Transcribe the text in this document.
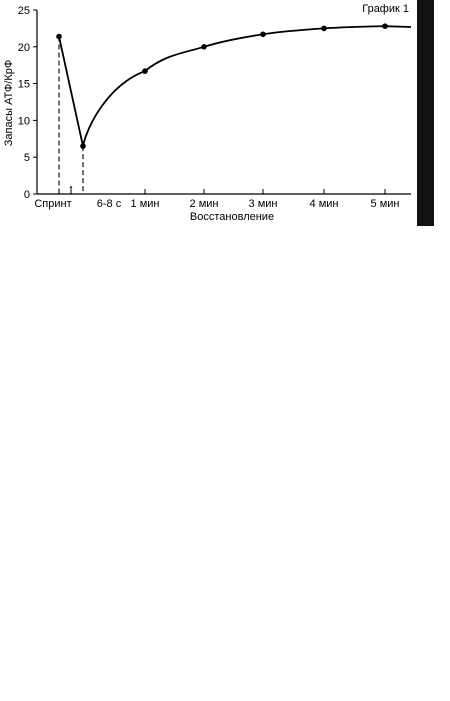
0
5
10
15
20
25
Спринт 6-8 с 1 мин	2 мин	3 мин	4 мин	5 мин
График 1
Запасы АТФ/КрФ
Восстановление
↑
